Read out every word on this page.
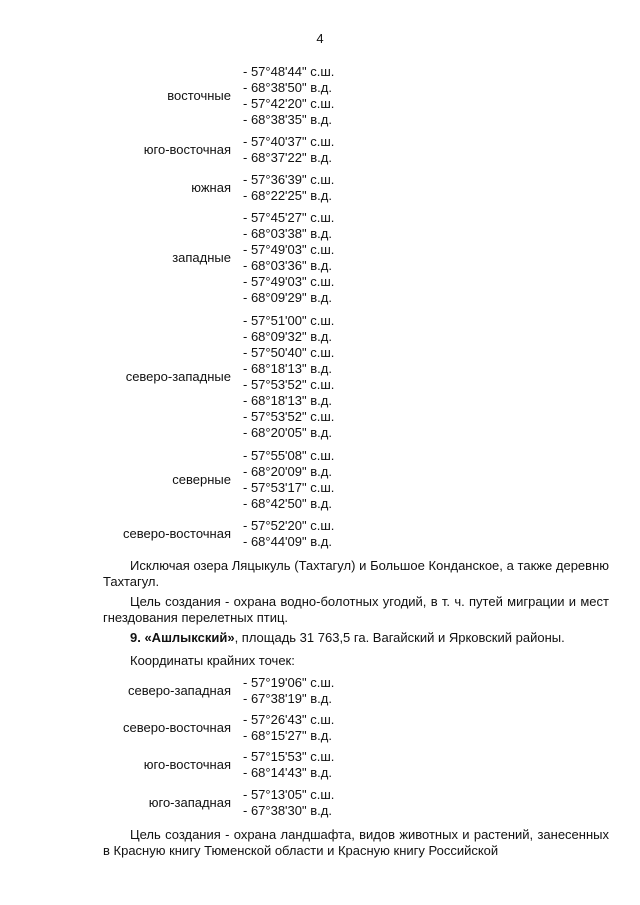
4
восточные
- 57°48'44" с.ш.
- 68°38'50" в.д.
- 57°42'20" с.ш.
- 68°38'35" в.д.
юго-восточная
- 57°40'37" с.ш.
- 68°37'22" в.д.
южная
- 57°36'39" с.ш.
- 68°22'25" в.д.
западные
- 57°45'27" с.ш.
- 68°03'38" в.д.
- 57°49'03" с.ш.
- 68°03'36" в.д.
- 57°49'03" с.ш.
- 68°09'29" в.д.
северо-западные
- 57°51'00" с.ш.
- 68°09'32" в.д.
- 57°50'40" с.ш.
- 68°18'13" в.д.
- 57°53'52" с.ш.
- 68°18'13" в.д.
- 57°53'52" с.ш.
- 68°20'05" в.д.
северные
- 57°55'08" с.ш.
- 68°20'09" в.д.
- 57°53'17" с.ш.
- 68°42'50" в.д.
северо-восточная
- 57°52'20" с.ш.
- 68°44'09" в.д.
Исключая озера Ляцыкуль (Тахтагул) и Большое Конданское, а также деревню Тахтагул.
Цель создания - охрана водно-болотных угодий, в т. ч. путей миграции и мест гнездования перелетных птиц.
9. «Ашлыкский», площадь 31 763,5 га. Вагайский и Ярковский районы.
Координаты крайних точек:
северо-западная
- 57°19'06" с.ш.
- 67°38'19" в.д.
северо-восточная
- 57°26'43" с.ш.
- 68°15'27" в.д.
юго-восточная
- 57°15'53" с.ш.
- 68°14'43" в.д.
юго-западная
- 57°13'05" с.ш.
- 67°38'30" в.д.
Цель создания - охрана ландшафта, видов животных и растений, занесенных в Красную книгу Тюменской области и Красную книгу Российской
